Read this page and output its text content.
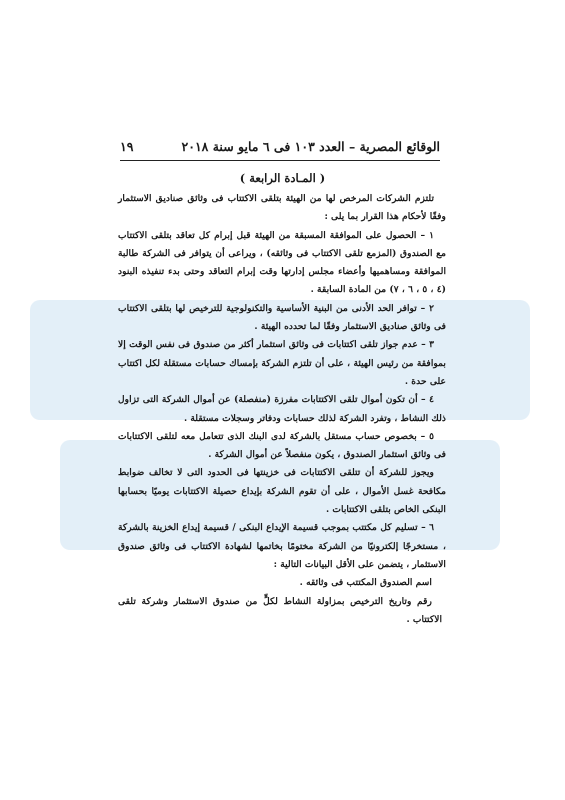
الوقائع المصرية – العدد ١٠٣ فى ٦ مايو سنة ٢٠١٨
١٩
( المـادة الرابعة )

تلتزم الشركات المرخص لها من الهيئة بتلقى الاكتتاب فى وثائق صناديق الاستثمار وفقًا لأحكام هذا القرار بما يلى :

١ – الحصول على الموافقة المسبقة من الهيئة قبل إبرام كل تعاقد بتلقى الاكتتاب مع الصندوق (المزمع تلقى الاكتتاب فى وثائقه) ، ويراعى أن يتوافر فى الشركة طالبة الموافقة ومساهميها وأعضاء مجلس إدارتها وقت إبرام التعاقد وحتى بدء تنفيذه البنود (٤ ، ٥ ، ٦ ، ٧) من المادة السابقة .

٢ – توافر الحد الأدنى من البنية الأساسية والتكنولوجية للترخيص لها بتلقى الاكتتاب فى وثائق صناديق الاستثمار وفقًا لما تحدده الهيئة .

٣ – عدم جواز تلقى اكتتابات فى وثائق استثمار أكثر من صندوق فى نفس الوقت إلا بموافقة من رئيس الهيئة ، على أن تلتزم الشركة بإمساك حسابات مستقلة لكل اكتتاب على حدة .

٤ – أن تكون أموال تلقى الاكتتابات مفرزة (منفصلة) عن أموال الشركة التى تزاول ذلك النشاط ، وتفرد الشركة لذلك حسابات ودفاتر وسجلات مستقلة .

٥ – بخصوص حساب مستقل بالشركة لدى البنك الذى تتعامل معه لتلقى الاكتتابات فى وثائق استثمار الصندوق ، يكون منفصلاً عن أموال الشركة .

ويجوز للشركة أن تتلقى الاكتتابات فى خزينتها فى الحدود التى لا تخالف ضوابط مكافحة غسل الأموال ، على أن تقوم الشركة بإيداع حصيلة الاكتتابات يوميًا بحسابها البنكى الخاص بتلقى الاكتتابات .

٦ – تسليم كل مكتتب بموجب قسيمة الإيداع البنكى / قسيمة إيداع الخزينة بالشركة ، مستخرجًا إلكترونيًا من الشركة مختومًا بخاتمها لشهادة الاكتتاب فى وثائق صندوق الاستثمار ، يتضمن على الأقل البيانات التالية :

اسم الصندوق المكتتب فى وثائقه .

رقم وتاريخ الترخيص بمزاولة النشاط لكلٍّ من صندوق الاستثمار وشركة تلقى الاكتتاب .
